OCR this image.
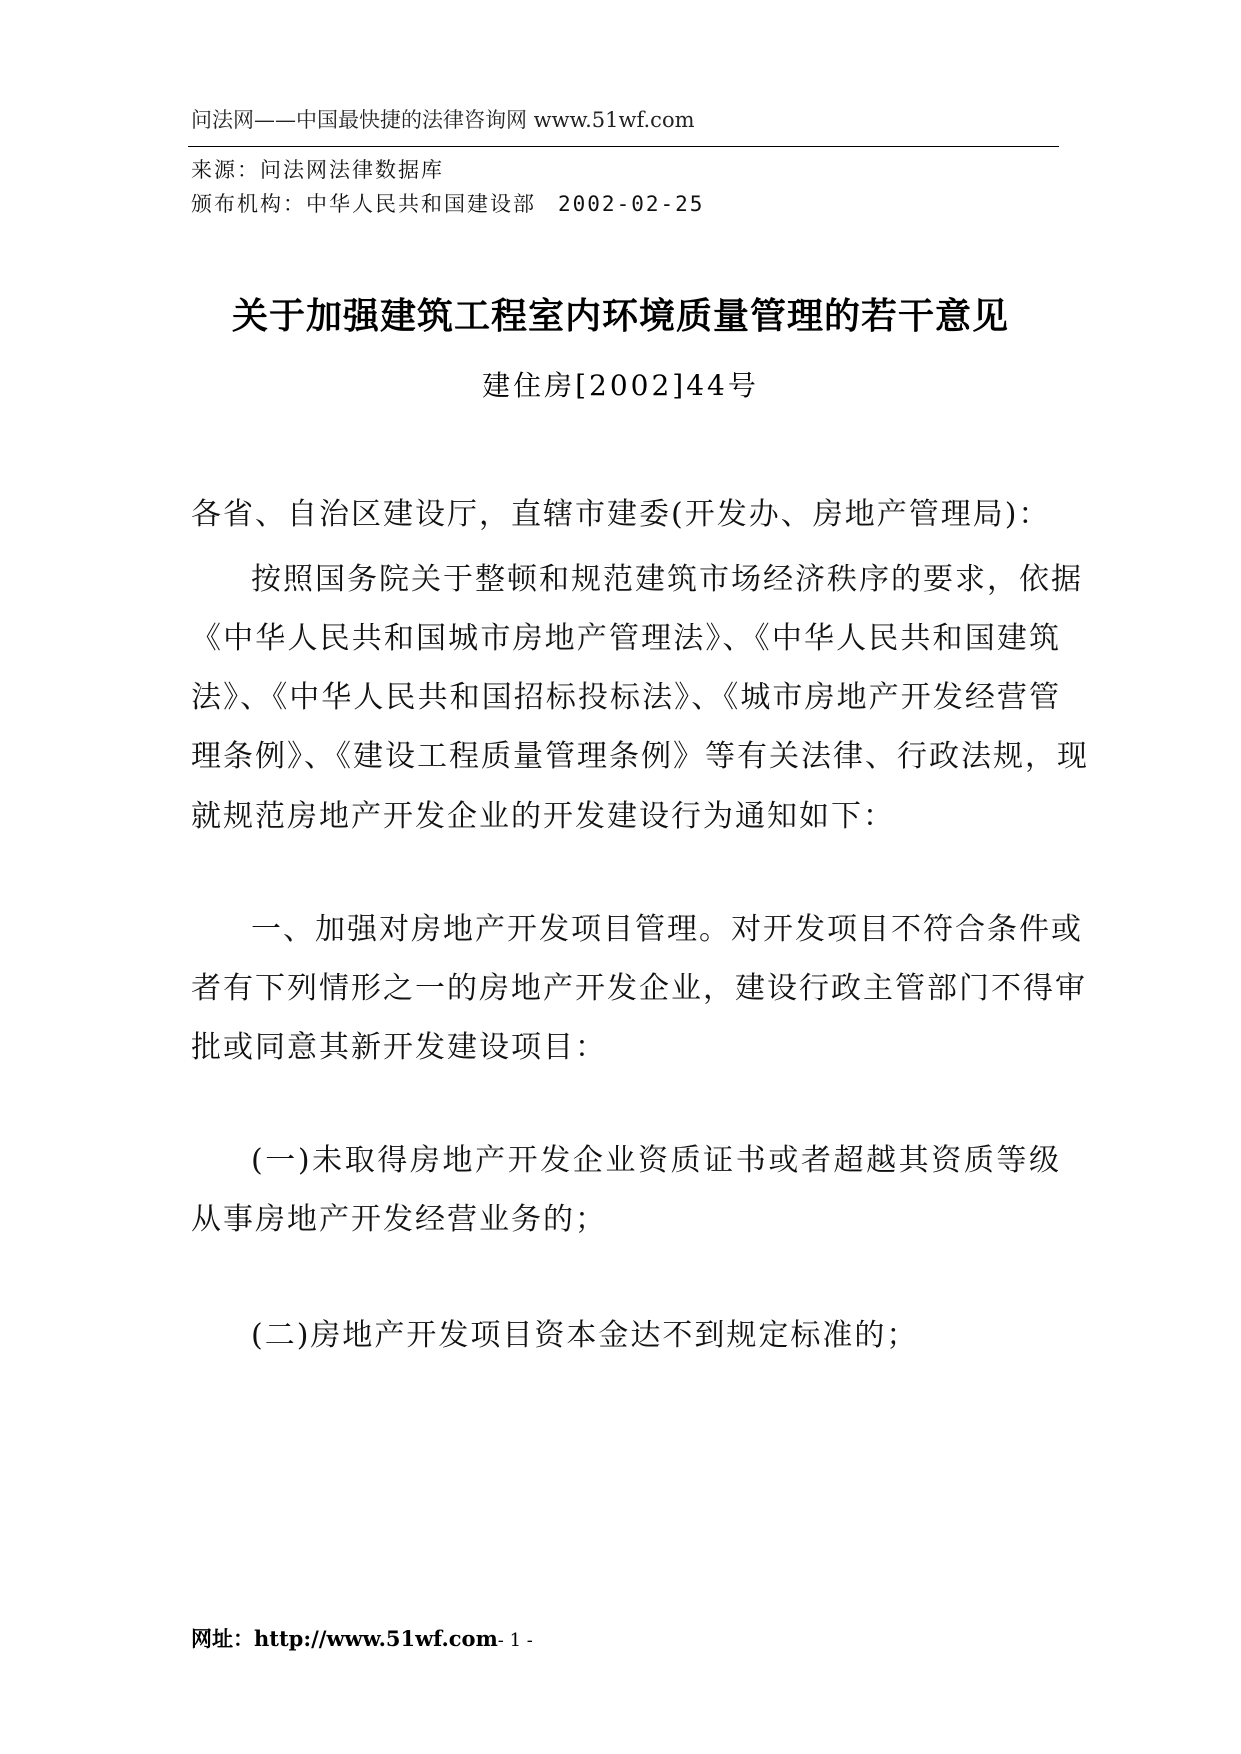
问法网——中国最快捷的法律咨询网 www.51wf.com
来源：问法网法律数据库
颁布机构：中华人民共和国建设部 2002-02-25
关于加强建筑工程室内环境质量管理的若干意见
建住房[2002]44号
各省、自治区建设厅，直辖市建委(开发办、房地产管理局)：
按照国务院关于整顿和规范建筑市场经济秩序的要求，依据
《中华人民共和国城市房地产管理法》、《中华人民共和国建筑
法》、《中华人民共和国招标投标法》、《城市房地产开发经营管
理条例》、《建设工程质量管理条例》等有关法律、行政法规，现
就规范房地产开发企业的开发建设行为通知如下：
一、加强对房地产开发项目管理。对开发项目不符合条件或
者有下列情形之一的房地产开发企业，建设行政主管部门不得审
批或同意其新开发建设项目：
(一)未取得房地产开发企业资质证书或者超越其资质等级
从事房地产开发经营业务的；
(二)房地产开发项目资本金达不到规定标准的；
网址：http://www.51wf.com- 1 -
